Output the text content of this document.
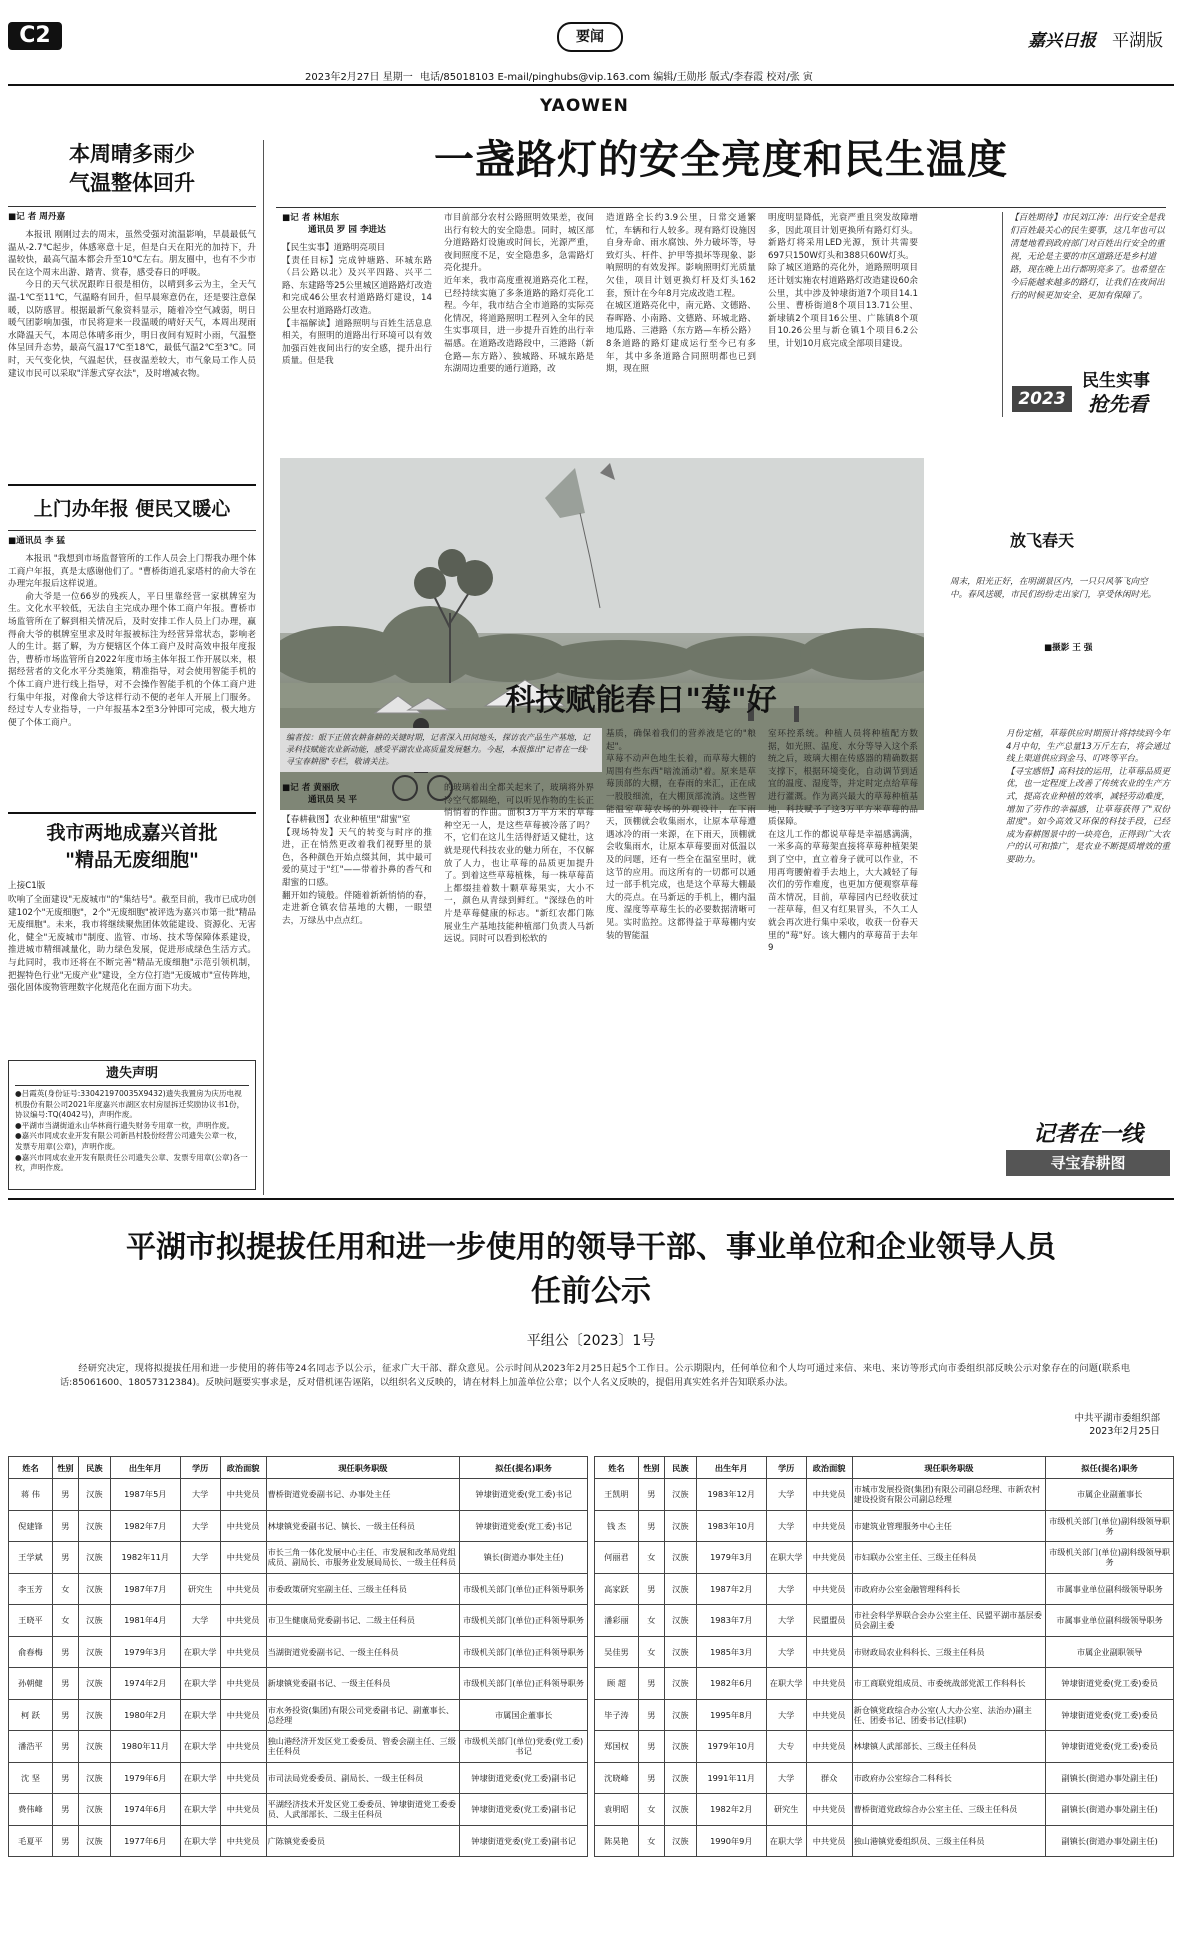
C2	要闻	嘉兴日报 平湖版
2023年2月27日 星期一 电话/85018103 E-mail/pinghubs@vip.163.com 编辑/王勋彤 版式/李春霞 校对/张 寅
YAOWEN
本周晴多雨少
气温整体回升
■记 者 周丹嘉

本报讯 刚刚过去的周末，虽然受强对流温影响，早晨最低气温从-2.7℃起步，体感寒意十足，但是白天在阳光的加持下，升温较快，最高气温本都会升至10℃左右。朋友圈中，也有不少市民在这个周末出游、踏青、赏春，感受春日的呼吸。

今日的天气状况跟昨日很是相仿，以晴到多云为主，全天气温-1℃至11℃，气温略有回升，但早晨寒意仍在，还是要注意保暖，以防感冒。根据最新气象资料显示，随着冷空气减弱，明日暖气团影响加强，市民将迎来一段温暖的晴好天气，本周出现雨水降温天气，本周总体晴多雨少，明日夜间有短时小雨，气温整体呈回升态势，最高气温17℃至18℃，最低气温2℃至3℃。同时，天气变化快，气温起伏，昼夜温差较大，市气象局工作人员建议市民可以采取"洋葱式穿衣法"，及时增减衣物。

上门办年报 便民又暖心
■通讯员 李 猛

本报讯 "我想到市场监督管所的工作人员会上门帮我办理个体工商户年报，真是太感谢他们了。"曹桥街道孔家塔村的俞大爷在办理完年报后这样说道。

俞大爷是一位66岁的残疾人，平日里靠经营一家棋牌室为生。文化水平较低，无法自主完成办理个体工商户年报。曹桥市场监管所在了解到相关情况后，及时安排工作人员上门办理，赢得俞大爷的棋牌室里求及时年报被标注为经营异常状态，影响老人的生计。据了解，为方便辖区个体工商户及时高效申报年度报告，曹桥市场监管所自2022年度市场主体年报工作开展以来，根据经营者的文化水平分类施策，精准指导，对会使用智能手机的个体工商户进行线上指导，对不会操作智能手机的个体工商户进行集中年报，对像俞大爷这样行动不便的老年人开展上门服务。经过专人专业指导，一户年报基本2至3分钟即可完成，极大地方便了个体工商户。

我市两地成嘉兴首批
"精品无废细胞"
上接C1版

吹响了全面建设"无废城市"的"集结号"。截至目前，我市已成功创建102个"无废细胞"，2个"无废细胞"被评选为嘉兴市第一批"精品无废细胞"。未来，我市将继续聚焦团体效能建设、资源化、无害化，健全"无废城市"制度、监管、市场、技术等保障体系建设，推进城市精细减量化，助力绿色发展，促进形成绿色生活方式。与此同时，我市还将在不断完善"精品无废细胞"示范引领机制，把握特色行业"无废产业"建设，全方位打造"无废城市"宣传阵地，强化固体废物管理数字化规范化在面方面下功夫。

遗失声明
●吕霞英(身份证号:330421970035X9432)遗失我置房为庆历电视机股份有限公司2021年度嘉兴市湖区农村房屋拆迁奖励协议书1份，协议编号:TQ(4042号)，声明作废。
●平湖市当湖街道永山华林商行遗失财务专用章一枚，声明作废。
●嘉兴市同成农业开发有限公司新昌村股份经营公司遗失公章一枚，发票专用章(公章)，声明作废。
●嘉兴市同成农业开发有限责任公司遗失公章、发票专用章(公章)各一枚，声明作废。
一盏路灯的安全亮度和民生温度
■记 者 林旭东
通讯员 罗 园 李进达
【民生实事】道路明亮项目
【责任目标】完成钟塘路、环城东路（吕公路以北）及兴平四路、兴平二路、东建路等25公里城区道路路灯改造和完成46公里农村道路路灯建设，14公里农村道路路灯改造。
【丰福解读】道路照明与百姓生活息息相关，有照明的道路出行环境可以有效加强百姓夜间出行的安全感，提升出行质量。但是我
市目前部分农村公路照明效果差，夜间出行有较大的安全隐患。同时，城区部分道路路灯设施或时间长，光源严重，夜间照度不足，安全隐患多，急需路灯亮化提升。
近年来，我市高度重视道路亮化工程，已经持续实施了多条道路的路灯亮化工程。今年，我市结合全市道路的实际亮化情况，将道路照明工程列入全年的民生实事项目，进一步提升百姓的出行幸福感。在道路改造路段中，三港路（新仓路—东方路）、独城路、环城东路是东湖周边重要的通行道路，改
造道路全长约3.9公里，日常交通繁忙，车辆和行人较多。现有路灯设施因自身寿命、雨水腐蚀、外力破坏等，导致灯头、杆件、护甲等损坏等现象、影响照明的有效发挥。影响照明灯光质量欠佳，项目计划更换灯杆及灯头162套，预计在今年8月完成改造工程。
在城区道路亮化中，南元路、文德路、春晖路、小南路、文德路、环城北路、地瓜路、三港路（东方路—车桥公路）8条道路的路灯建成运行至今已有多年，其中多条道路合同照明都也已到期，现在照
明度明显降低，光衰严重且突发故障增多，因此项目计划更换所有路灯灯头。新路灯将采用LED光源，预计共需要697只150W灯头和388只60W灯头。
除了城区道路的亮化外，道路照明项目还计划实施农村道路路灯改造建设60余公里，其中涉及钟埭街道7个项目14.1公里、曹桥街道8个项目13.71公里、新埭镇2个项目16公里、广陈镇8个项目10.26公里与新仓镇1个项目6.2公里，计划10月底完成全部项目建设。
【百姓期待】市民刘江涛：出行安全是我们百姓最关心的民生要事，这几年也可以清楚地看到政府部门对百姓出行安全的重视，无论是主要的市区道路还是乡村道路，现在晚上出行都明亮多了。也希望在今后能越来越多的路灯，让我们在夜间出行的时候更加安全、更加有保障了。
2023
民生实事
抢先看
放飞春天
周末，阳光正好，在明湖景区内，一只只风筝飞向空中。春风送暖，市民们纷纷走出家门，享受休闲时光。
■摄影 王 强
科技赋能春日"莓"好
编者按：眼下正值农耕备耕的关键时期，记者深入田间地头，探访农产品生产基地，记录科技赋能农业新动能，感受平湖农业高质量发展魅力。今起，本报推出"记者在一线·寻宝春耕图"专栏，敬请关注。
■记 者 黄丽欣
通讯员 吴 平
【春耕截图】农业种植里"甜蜜"室
【现场特发】天气的转变与时序的推进，正在悄然更改着我们视野里的景色，各种颜色开始点缀其间，其中最可爱的莫过于"红"——带着扑鼻的香气和甜蜜的口感。
翻开如约镜般。伴随着新新悄悄的春，走进新仓镇农信基地的大棚，一眼望去，万绿丛中点点红。
的玻璃着出全都关起来了，玻璃将外界冷空气都隔绝，可以听见作物的生长正悄悄着的作曲。面积3万平方米的草莓种空无一人，是这些草莓被冷落了吗？不，它们在这儿生活得舒适又健壮，这就是现代科技农业的魅力所在，不仅解放了人力，也让草莓的品质更加提升了。到着这些草莓植株，每一株草莓苗上都缀挂着数十颗草莓果实，大小不一，颜色从青绿到鲜红。"深绿色的叶片是草莓健康的标志。"新红农都门陈展业生产基地技能种植部门负责人马新远说。同时可以看到松软的
基质，确保着我们的营养液是它的"粮起"。
草莓不动声色地生长着，而草莓大棚的周围有些东西"暗流涌动"着。原来是草莓顶部的大棚，在春雨的来汇，正在成一股股细流，在大棚顶部流淌。这些智能温室草莓农场的外观设计，在下雨天，顶棚就会收集雨水，让原本草莓遭遇冰冷的雨一来源，在下雨天，顶棚就会收集雨水，让原本草莓要面对低温以及的问题，还有一些全在温室里时，就这节的应用。而这所有的一切都可以通过一部手机完成，也是这个草莓大棚最大的亮点。在马新远的手机上，棚内温度、湿度等草莓生长的必要数据清晰可见。实时监控。这都得益于草莓棚内安装的智能温
室环控系统。种植人员将种植配方数据，如光照、温度、水分等导入这个系统之后，玻璃大棚在传感器的精确数据支撑下，根据环境变化，自动调节到适宜的温度、湿度等，并定时定点给草莓进行灌溉。作为离兴最大的草莓种植基地，科技赋予了这3万平方米草莓的品质保障。
在这儿工作的都说草莓是幸福感满满，一米多高的草莓架直接将草莓种植架架到了空中，直立着身子就可以作业，不用再弯腰俯着手去地上，大大减轻了每次们的劳作难度，也更加方便观察草莓苗木情况，目前，草莓园内已经收获过一茬草莓，但又有红果冒头，不久工人就会再次进行集中采收，收获一份春天里的"莓"好。该大棚内的草莓苗于去年9
月份定植，草莓供应时期预计将持续到今年4月中旬，生产总量13万斤左右，将会通过线上渠道供应到金马、叮咚等平台。
【寻宝感悟】高科技的运用，让草莓品质更优，也一定程度上改善了传统农业的生产方式，提高农业种植的效率，减轻劳动难度，增加了劳作的幸福感，让草莓获得了"双份甜度"。如今高效又环保的科技手段，已经成为春耕图景中的一块亮色，正得到广大农户的认可和推广，是农业不断提质增效的重要助力。
记者在一线
寻宝春耕图
平湖市拟提拔任用和进一步使用的领导干部、事业单位和企业领导人员
任前公示
平组公〔2023〕1号
经研究决定，现将拟提拔任用和进一步使用的蒋伟等24名同志予以公示，征求广大干部、群众意见。公示时间从2023年2月25日起5个工作日。公示期限内，任何单位和个人均可通过来信、来电、来访等形式向市委组织部反映公示对象存在的问题(联系电话:85061600、18057312384)。反映问题要实事求是，反对借机诬告诬陷，以组织名义反映的，请在材料上加盖单位公章；以个人名义反映的，提倡用真实姓名并告知联系办法。
中共平湖市委组织部
2023年2月25日
姓名	性别	民族	出生年月	学历	政治面貌	现任职务职级	拟任(提名)职务
蒋 伟	男	汉族	1987年5月	大学	中共党员	曹桥街道党委副书记、办事处主任	钟埭街道党委(党工委)书记
倪建锋	男	汉族	1982年7月	大学	中共党员	林埭镇党委副书记、镇长、一级主任科员	钟埭街道党委(党工委)书记
王学斌	男	汉族	1982年11月	大学	中共党员	市长三角一体化发展中心主任、市发展和改革局党组成员、副局长、市服务业发展局局长、一级主任科员	镇长(街道办事处主任)
李玉芳	女	汉族	1987年7月	研究生	中共党员	市委政策研究室副主任、三级主任科员	市级机关部门(单位)正科领导职务
王晓平	女	汉族	1981年4月	大学	中共党员	市卫生健康局党委副书记、二级主任科员	市级机关部门(单位)正科领导职务
俞春梅	男	汉族	1979年3月	在职大学	中共党员	当湖街道党委副书记、一级主任科员	市级机关部门(单位)正科领导职务
孙朝健	男	汉族	1974年2月	在职大学	中共党员	新埭镇党委副书记、一级主任科员	市级机关部门(单位)正科领导职务
柯 跃	男	汉族	1980年2月	在职大学	中共党员	市水务投资(集团)有限公司党委副书记、副董事长、总经理	市属国企董事长
潘浩平	男	汉族	1980年11月	在职大学	中共党员	独山港经济开发区党工委委员、管委会副主任、三级主任科员	市级机关部门(单位)党委(党工委)书记
沈 坚	男	汉族	1979年6月	在职大学	中共党员	市司法局党委委员、副局长、一级主任科员	钟埭街道党委(党工委)副书记
费伟峰	男	汉族	1974年6月	在职大学	中共党员	平湖经济技术开发区党工委委员、钟埭街道党工委委员、人武部部长、二级主任科员	钟埭街道党委(党工委)副书记
毛夏平	男	汉族	1977年6月	在职大学	中共党员	广陈镇党委委员	钟埭街道党委(党工委)副书记
姓名	性别	民族	出生年月	学历	政治面貌	现任职务职级	拟任(提名)职务
王凯明	男	汉族	1983年12月	大学	中共党员	市城市发展投资(集团)有限公司副总经理、市新农村建设投资有限公司副总经理	市属企业副董事长
钱 杰	男	汉族	1983年10月	大学	中共党员	市建筑业管理服务中心主任	市级机关部门(单位)副科级领导职务
何丽君	女	汉族	1979年3月	在职大学	中共党员	市妇联办公室主任、三级主任科员	市级机关部门(单位)副科级领导职务
高家跃	男	汉族	1987年2月	大学	中共党员	市政府办公室金融管理科科长	市属事业单位副科级领导职务
潘彩丽	女	汉族	1983年7月	大学	民盟盟员	市社会科学界联合会办公室主任、民盟平湖市基层委员会副主委	市属事业单位副科级领导职务
吴佳男	女	汉族	1985年3月	大学	中共党员	市财政局农业科科长、三级主任科员	市属企业副职领导
顾 超	男	汉族	1982年6月	在职大学	中共党员	市工商联党组成员、市委统战部党派工作科科长	钟埭街道党委(党工委)委员
毕子涛	男	汉族	1995年8月	大学	中共党员	新仓镇党政综合办公室(人大办公室、法治办)副主任、团委书记、团委书记(挂职)	钟埭街道党委(党工委)委员
郑国权	男	汉族	1979年10月	大专	中共党员	林埭镇人武部部长、三级主任科员	钟埭街道党委(党工委)委员
沈晓峰	男	汉族	1991年11月	大学	群众	市政府办公室综合二科科长	副镇长(街道办事处副主任)
袁明昭	女	汉族	1982年2月	研究生	中共党员	曹桥街道党政综合办公室主任、三级主任科员	副镇长(街道办事处副主任)
陈昊艳	女	汉族	1990年9月	在职大学	中共党员	独山港镇党委组织员、三级主任科员	副镇长(街道办事处副主任)
